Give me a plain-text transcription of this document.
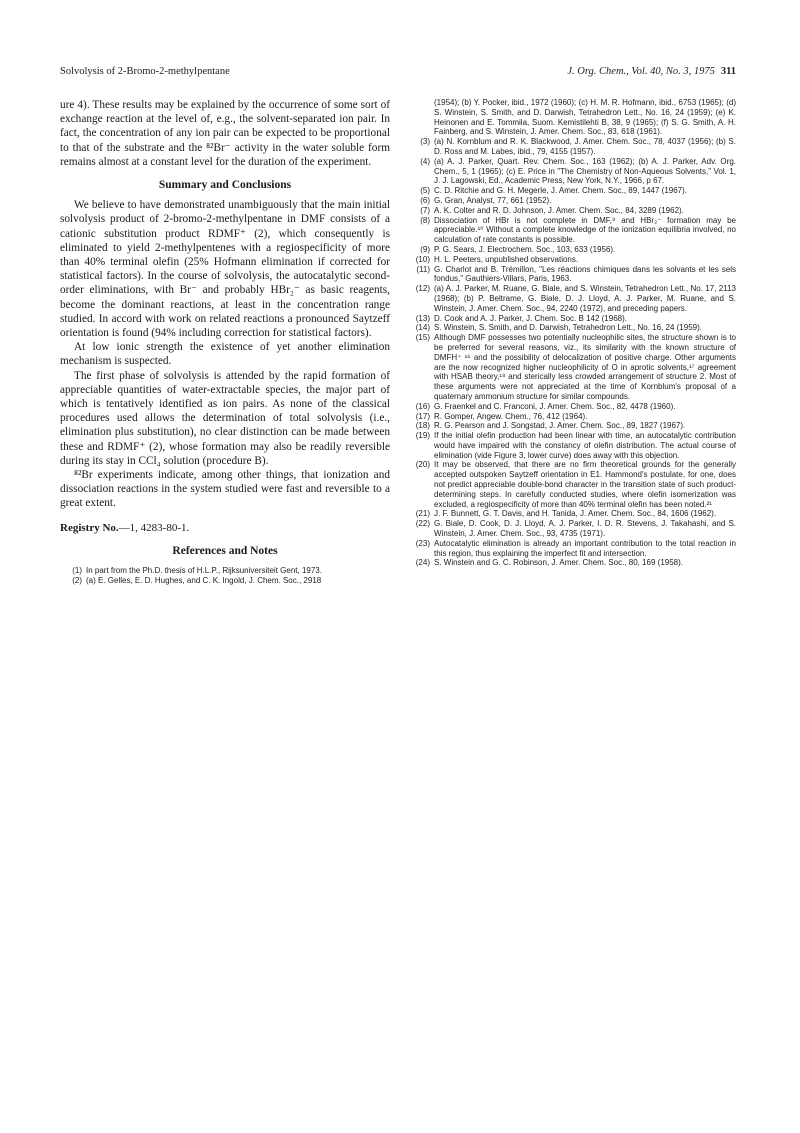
Solvolysis of 2-Bromo-2-methylpentane	J. Org. Chem., Vol. 40, No. 3, 1975 311

ure 4). These results may be explained by the occurrence of some sort of exchange reaction at the level of, e.g., the solvent-separated ion pair. In fact, the concentration of any ion pair can be expected to be proportional to that of the substrate and the ⁸²Br⁻ activity in the water soluble form remains almost at a constant level for the duration of the experiment.

Summary and Conclusions

We believe to have demonstrated unambiguously that the main initial solvolysis product of 2-bromo-2-methylpentane in DMF consists of a cationic substitution product RDMF⁺ (2), which consequently is eliminated to yield 2-methylpentenes with a regiospecificity of more than 40% terminal olefin (25% Hofmann elimination if corrected for statistical factors). In the course of solvolysis, the autocatalytic second-order eliminations, with Br⁻ and probably HBr₂⁻ as basic reagents, become the dominant reactions, at least in the concentration range studied. In accord with work on related reactions a pronounced Saytzeff orientation is found (94% including correction for statistical factors).

At low ionic strength the existence of yet another elimination mechanism is suspected.

The first phase of solvolysis is attended by the rapid formation of appreciable quantities of water-extractable species, the major part of which is tentatively identified as ion pairs. As none of the classical procedures used allows the determination of total solvolysis (i.e., elimination plus substitution), no clear distinction can be made between these and RDMF⁺ (2), whose formation may also be readily reversible during its stay in CCl₄ solution (procedure B).

⁸²Br experiments indicate, among other things, that ionization and dissociation reactions in the system studied were fast and reversible to a great extent.

Registry No.—1, 4283-80-1.
References and Notes
(1) In part from the Ph.D. thesis of H.L.P., Rijksuniversiteit Gent, 1973.
(2) (a) E. Gelles, E. D. Hughes, and C. K. Ingold, J. Chem. Soc., 2918
(1954); (b) Y. Pocker, ibid., 1972 (1960); (c) H. M. R. Hofmann, ibid., 6753 (1965); (d) S. Winstein, S. Smith, and D. Darwish, Tetrahedron Lett., No. 16, 24 (1959); (e) K. Heinonen and E. Tommila, Suom. Kemistilehti B, 38, 9 (1965); (f) S. G. Smith, A. H. Fainberg, and S. Winstein, J. Amer. Chem. Soc., 83, 618 (1961).
(3) (a) N. Kornblum and R. K. Blackwood, J. Amer. Chem. Soc., 78, 4037 (1956); (b) S. D. Ross and M. Labes, ibid., 79, 4155 (1957).
(4) (a) A. J. Parker, Quart. Rev. Chem. Soc., 163 (1962); (b) A. J. Parker, Adv. Org. Chem., 5, 1 (1965); (c) E. Price in "The Chemistry of Non-Aqueous Solvents," Vol. 1, J. J. Lagowski, Ed., Academic Press, New York, N.Y., 1966, p 67.
(5) C. D. Ritchie and G. H. Megerle, J. Amer. Chem. Soc., 89, 1447 (1967).
(6) G. Gran, Analyst, 77, 661 (1952).
(7) A. K. Colter and R. D. Johnson, J. Amer. Chem. Soc., 84, 3289 (1962).
(8) Dissociation of HBr is not complete in DMF,⁹ and HBr₂⁻ formation may be appreciable.¹⁰ Without a complete knowledge of the ionization equilibria involved, no calculation of rate constants is possible.
(9) P. G. Sears, J. Electrochem. Soc., 103, 633 (1956).
(10) H. L. Peeters, unpublished observations.
(11) G. Charlot and B. Trémillon, "Les réactions chimiques dans les solvants et les sels fondus," Gauthiers-Villars, Paris, 1963.
(12) (a) A. J. Parker, M. Ruane, G. Biale, and S. Winstein, Tetrahedron Lett., No. 17, 2113 (1968); (b) P. Beltrame, G. Biale, D. J. Lloyd, A. J. Parker, M. Ruane, and S. Winstein, J. Amer. Chem. Soc., 94, 2240 (1972), and preceding papers.
(13) D. Cook and A. J. Parker, J. Chem. Soc. B 142 (1968).
(14) S. Winstein, S. Smith, and D. Darwish, Tetrahedron Lett., No. 16, 24 (1959).
(15) Although DMF possesses two potentially nucleophilic sites, the structure shown is to be preferred for several reasons, viz., its similarity with the known structure of DMFH⁺ ¹⁶ and the possibility of delocalization of positive charge. Other arguments are the now recognized higher nucleophilicity of O in aprotic solvents,¹⁷ agreement with HSAB theory,¹⁸ and sterically less crowded arrangement of structure 2. Most of these arguments were not appreciated at the time of Kornblum's proposal of a quaternary ammonium structure for similar compounds.
(16) G. Fraenkel and C. Franconi, J. Amer. Chem. Soc., 82, 4478 (1960).
(17) R. Gomper, Angew. Chem., 76, 412 (1964).
(18) R. G. Pearson and J. Songstad, J. Amer. Chem. Soc., 89, 1827 (1967).
(19) If the initial olefin production had been linear with time, an autocatalytic contribution would have impaired with the constancy of olefin distribution. The actual course of elimination (vide Figure 3, lower curve) does away with this objection.
(20) It may be observed, that there are no firm theoretical grounds for the generally accepted outspoken Saytzeff orientation in E1. Hammond's postulate, for one, does not predict appreciable double-bond character in the transition state of such product-determining steps. In carefully conducted studies, where olefin isomerization was excluded, a regiospecificity of more than 40% terminal olefin has been noted.²¹
(21) J. F. Bunnett, G. T. Davis, and H. Tanida, J. Amer. Chem. Soc., 84, 1606 (1962).
(22) G. Biale, D. Cook, D. J. Lloyd, A. J. Parker, I. D. R. Stevens, J. Takahashi, and S. Winstein, J. Amer. Chem. Soc., 93, 4735 (1971).
(23) Autocatalytic elimination is already an important contribution to the total reaction in this region, thus explaining the imperfect fit and intersection.
(24) S. Winstein and G. C. Robinson, J. Amer. Chem. Soc., 80, 169 (1958).
